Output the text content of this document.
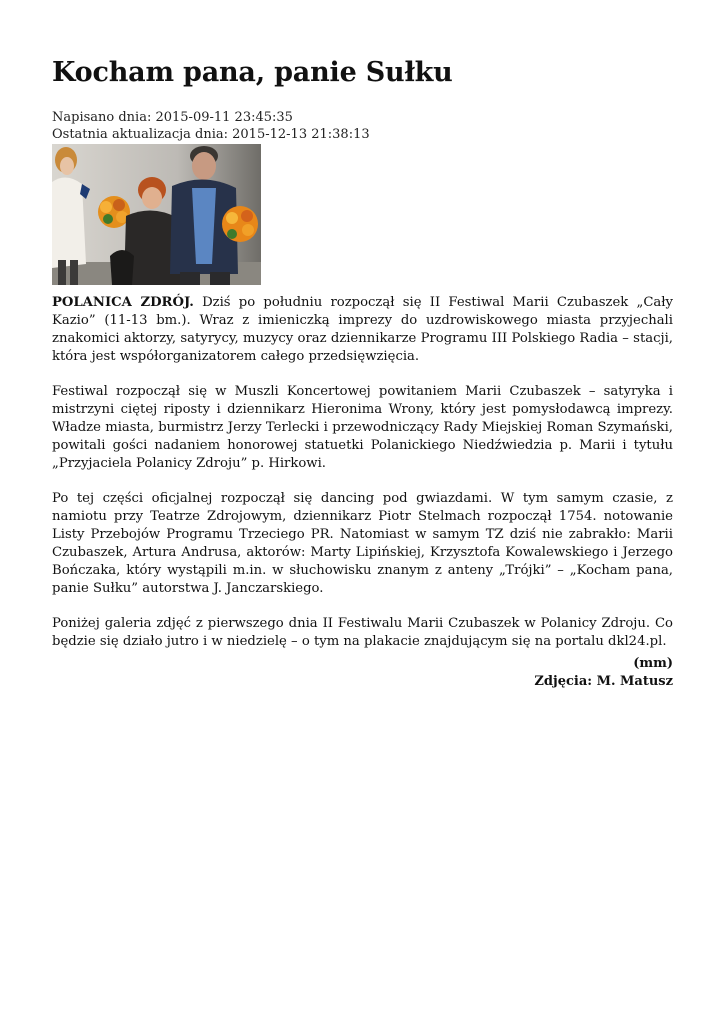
Kocham pana, panie Sułku
Napisano dnia: 2015-09-11 23:45:35
Ostatnia aktualizacja dnia: 2015-12-13 21:38:13

POLANICA ZDRÓJ. Dziś po południu rozpoczął się II Festiwal Marii Czubaszek „Cały Kazio” (11-13 bm.). Wraz z imieniczką imprezy do uzdrowiskowego miasta przyjechali znakomici aktorzy, satyrycy, muzycy oraz dziennikarze Programu III Polskiego Radia – stacji, która jest współorganizatorem całego przedsięwzięcia.

Festiwal rozpoczął się w Muszli Koncertowej powitaniem Marii Czubaszek – satyryka i mistrzyni ciętej riposty i dziennikarz Hieronima Wrony, który jest pomysłodawcą imprezy. Władze miasta, burmistrz Jerzy Terlecki i przewodniczący Rady Miejskiej Roman Szymański, powitali gości nadaniem honorowej statuetki Polanickiego Niedźwiedzia p. Marii i tytułu „Przyjaciela Polanicy Zdroju” p. Hirkowi.

Po tej części oficjalnej rozpoczął się dancing pod gwiazdami. W tym samym czasie, z namiotu przy Teatrze Zdrojowym, dziennikarz Piotr Stelmach rozpoczął 1754. notowanie Listy Przebojów Programu Trzeciego PR. Natomiast w samym TZ dziś nie zabrakło: Marii Czubaszek, Artura Andrusa, aktorów: Marty Lipińskiej, Krzysztofa Kowalewskiego i Jerzego Bończaka, który wystąpili m.in. w słuchowisku znanym z anteny „Trójki” – „Kocham pana, panie Sułku” autorstwa J. Janczarskiego.

Poniżej galeria zdjęć z pierwszego dnia II Festiwalu Marii Czubaszek w Polanicy Zdroju. Co będzie się działo jutro i w niedzielę – o tym na plakacie znajdującym się na portalu dkl24.pl.

(mm)
Zdjęcia: M. Matusz
